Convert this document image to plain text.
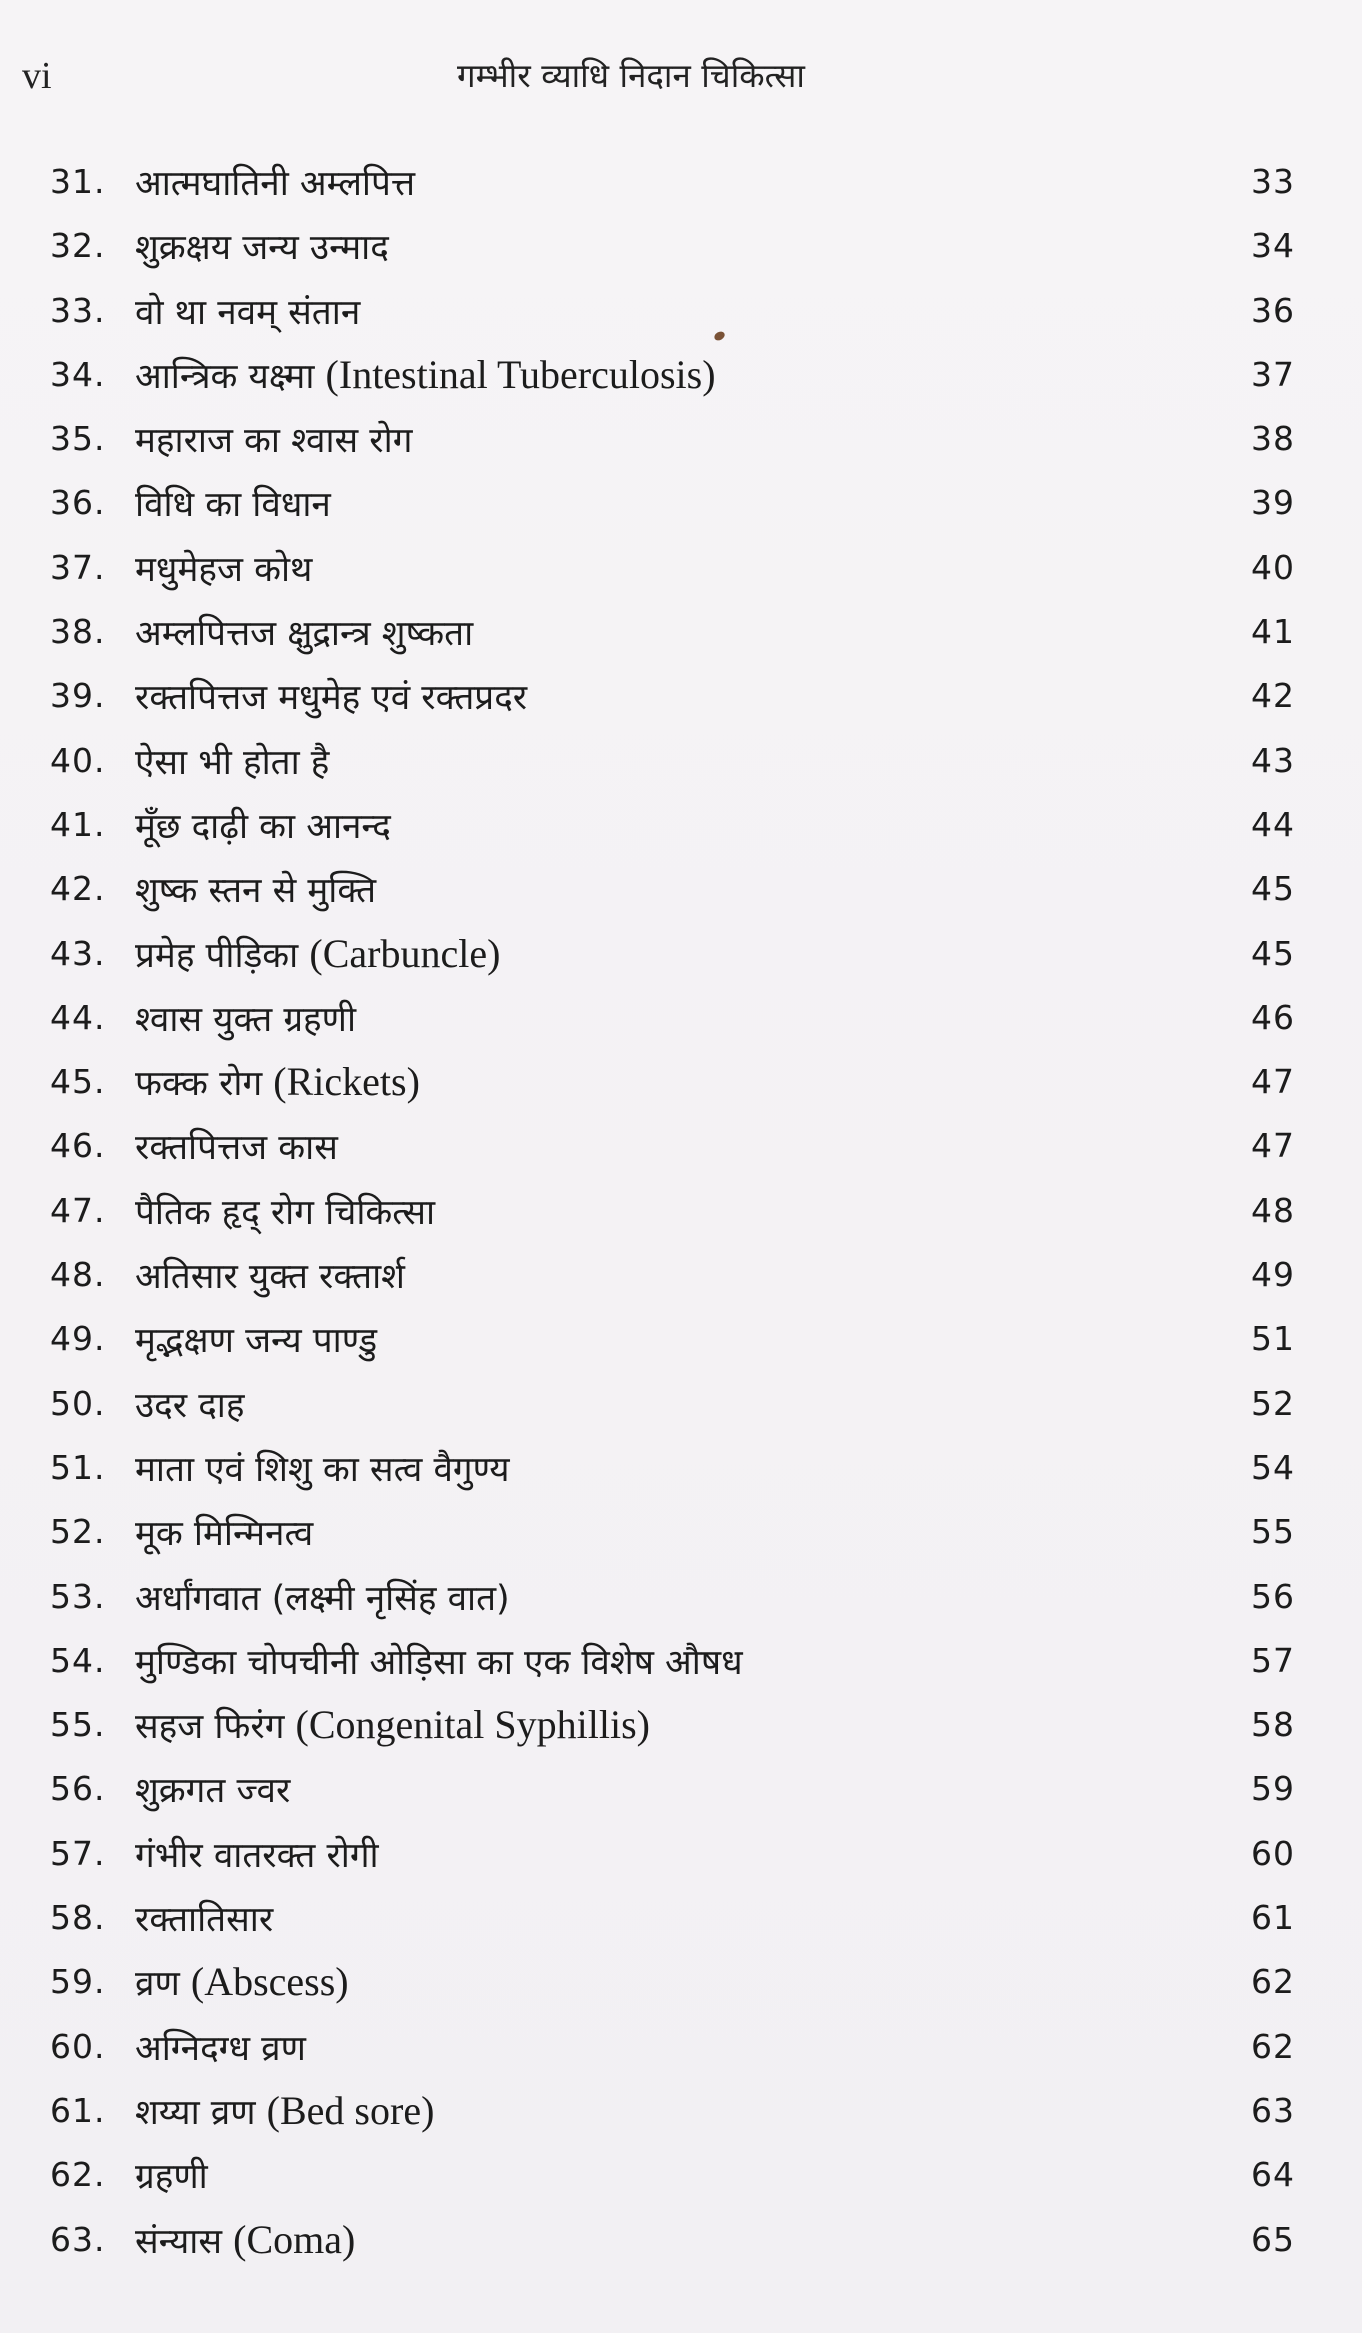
vi	गम्भीर व्याधि निदान चिकित्सा
31. आत्मघातिनी अम्लपित्त	33
32. शुक्रक्षय जन्य उन्माद	34
33. वो था नवम् संतान	36
34. आन्त्रिक यक्ष्मा (Intestinal Tuberculosis)	37
35. महाराज का श्वास रोग	38
36. विधि का विधान	39
37. मधुमेहज कोथ	40
38. अम्लपित्तज क्षुद्रान्त्र शुष्कता	41
39. रक्तपित्तज मधुमेह एवं रक्तप्रदर	42
40. ऐसा भी होता है	43
41. मूँछ दाढ़ी का आनन्द	44
42. शुष्क स्तन से मुक्ति	45
43. प्रमेह पीड़िका (Carbuncle)	45
44. श्वास युक्त ग्रहणी	46
45. फक्क रोग (Rickets)	47
46. रक्तपित्तज कास	47
47. पैतिक हृद् रोग चिकित्सा	48
48. अतिसार युक्त रक्तार्श	49
49. मृद्भक्षण जन्य पाण्डु	51
50. उदर दाह	52
51. माता एवं शिशु का सत्व वैगुण्य	54
52. मूक मिन्मिनत्व	55
53. अर्धांगवात (लक्ष्मी नृसिंह वात)	56
54. मुण्डिका चोपचीनी ओड़िसा का एक विशेष औषध	57
55. सहज फिरंग (Congenital Syphillis)	58
56. शुक्रगत ज्वर	59
57. गंभीर वातरक्त रोगी	60
58. रक्तातिसार	61
59. व्रण (Abscess)	62
60. अग्निदग्ध व्रण	62
61. शय्या व्रण (Bed sore)	63
62. ग्रहणी	64
63. संन्यास (Coma)	65
